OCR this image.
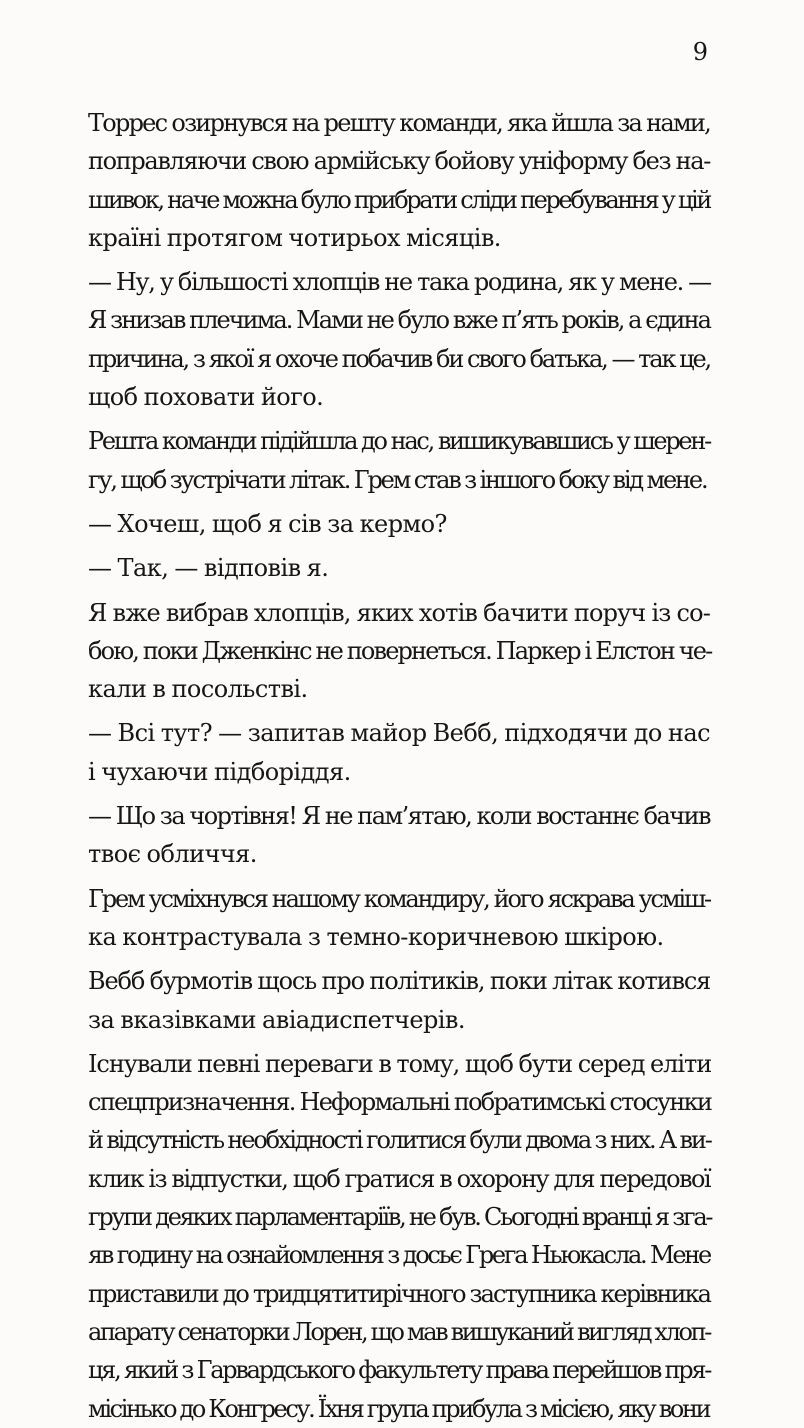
9
Торрес озирнувся на решту команди, яка йшла за нами,
поправляючи свою армійську бойову уніформу без на-
шивок, наче можна було прибрати сліди перебування у цій
країні протягом чотирьох місяців.
— Ну, у більшості хлопців не така родина, як у мене. —
Я знизав плечима. Мами не було вже п’ять років, а єдина
причина, з якої я охоче побачив би свого батька, — так це,
щоб поховати його.
Решта команди підійшла до нас, вишикувавшись у шерен-
гу, щоб зустрічати літак. Грем став з іншого боку від мене.
— Хочеш, щоб я сів за кермо?
— Так, — відповів я.
Я вже вибрав хлопців, яких хотів бачити поруч із со-
бою, поки Дженкінс не повернеться. Паркер і Елстон че-
кали в посольстві.
— Всі тут? — запитав майор Вебб, підходячи до нас
і чухаючи підборіддя.
— Що за чортівня! Я не пам’ятаю, коли востаннє бачив
твоє обличчя.
Грем усміхнувся нашому командиру, його яскрава усміш-
ка контрастувала з темно-коричневою шкірою.
Вебб бурмотів щось про політиків, поки літак котився
за вказівками авіадиспетчерів.
Існували певні переваги в тому, щоб бути серед еліти
спецпризначення. Неформальні побратимські стосунки
й відсутність необхідності голитися були двома з них. А ви-
клик із відпустки, щоб гратися в охорону для передової
групи деяких парламентаріїв, не був. Сьогодні вранці я зга-
яв годину на ознайомлення з досьє Грега Ньюкасла. Мене
приставили до тридцятитирічного заступника керівника
апарату сенаторки Лорен, що мав вишуканий вигляд хлоп-
ця, який з Гарвардського факультету права перейшов пря-
місінько до Конгресу. Їхня група прибула з місією, яку вони
